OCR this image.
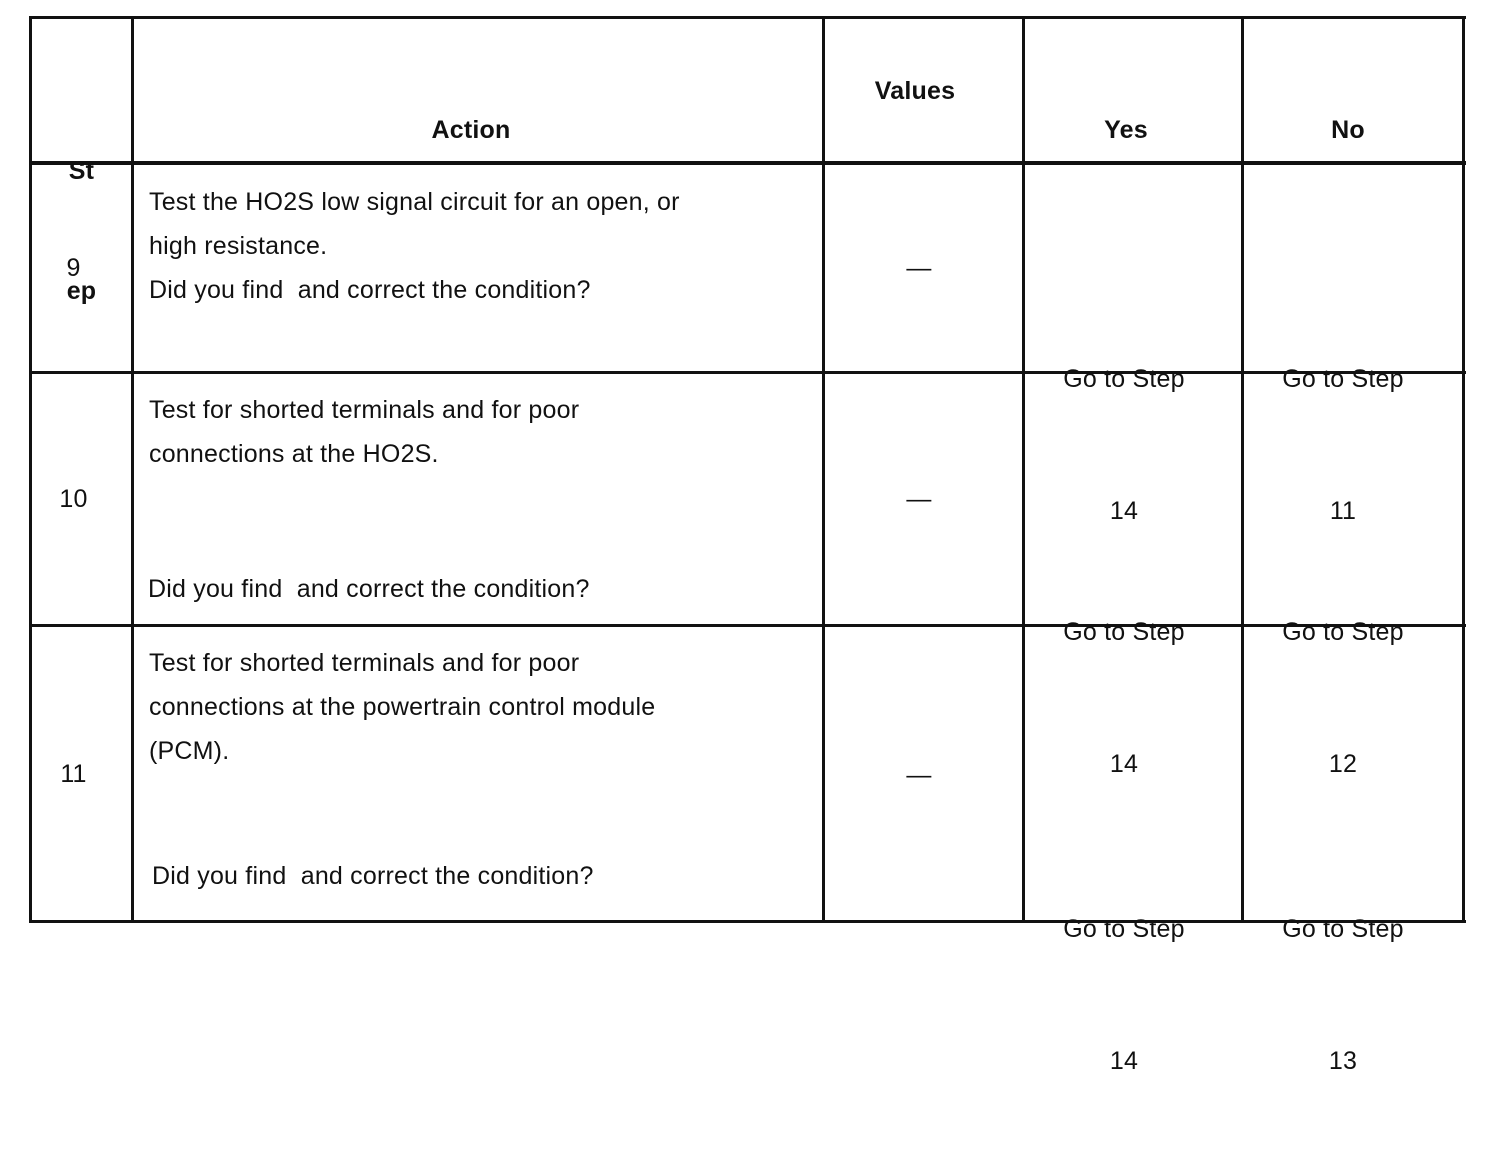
St

ep

Action
Values
Yes	No
9
Test the HO2S low signal circuit for an open, or
high resistance.
Did you find  and correct the condition?
—

Go to Step

14

Go to Step

11

10
Test for shorted terminals and for poor
connections at the HO2S.
Did you find  and correct the condition?
—

Go to Step

14

Go to Step

12

11
Test for shorted terminals and for poor
connections at the powertrain control module
(PCM).
Did you find  and correct the condition?
—

Go to Step

14

Go to Step

13
